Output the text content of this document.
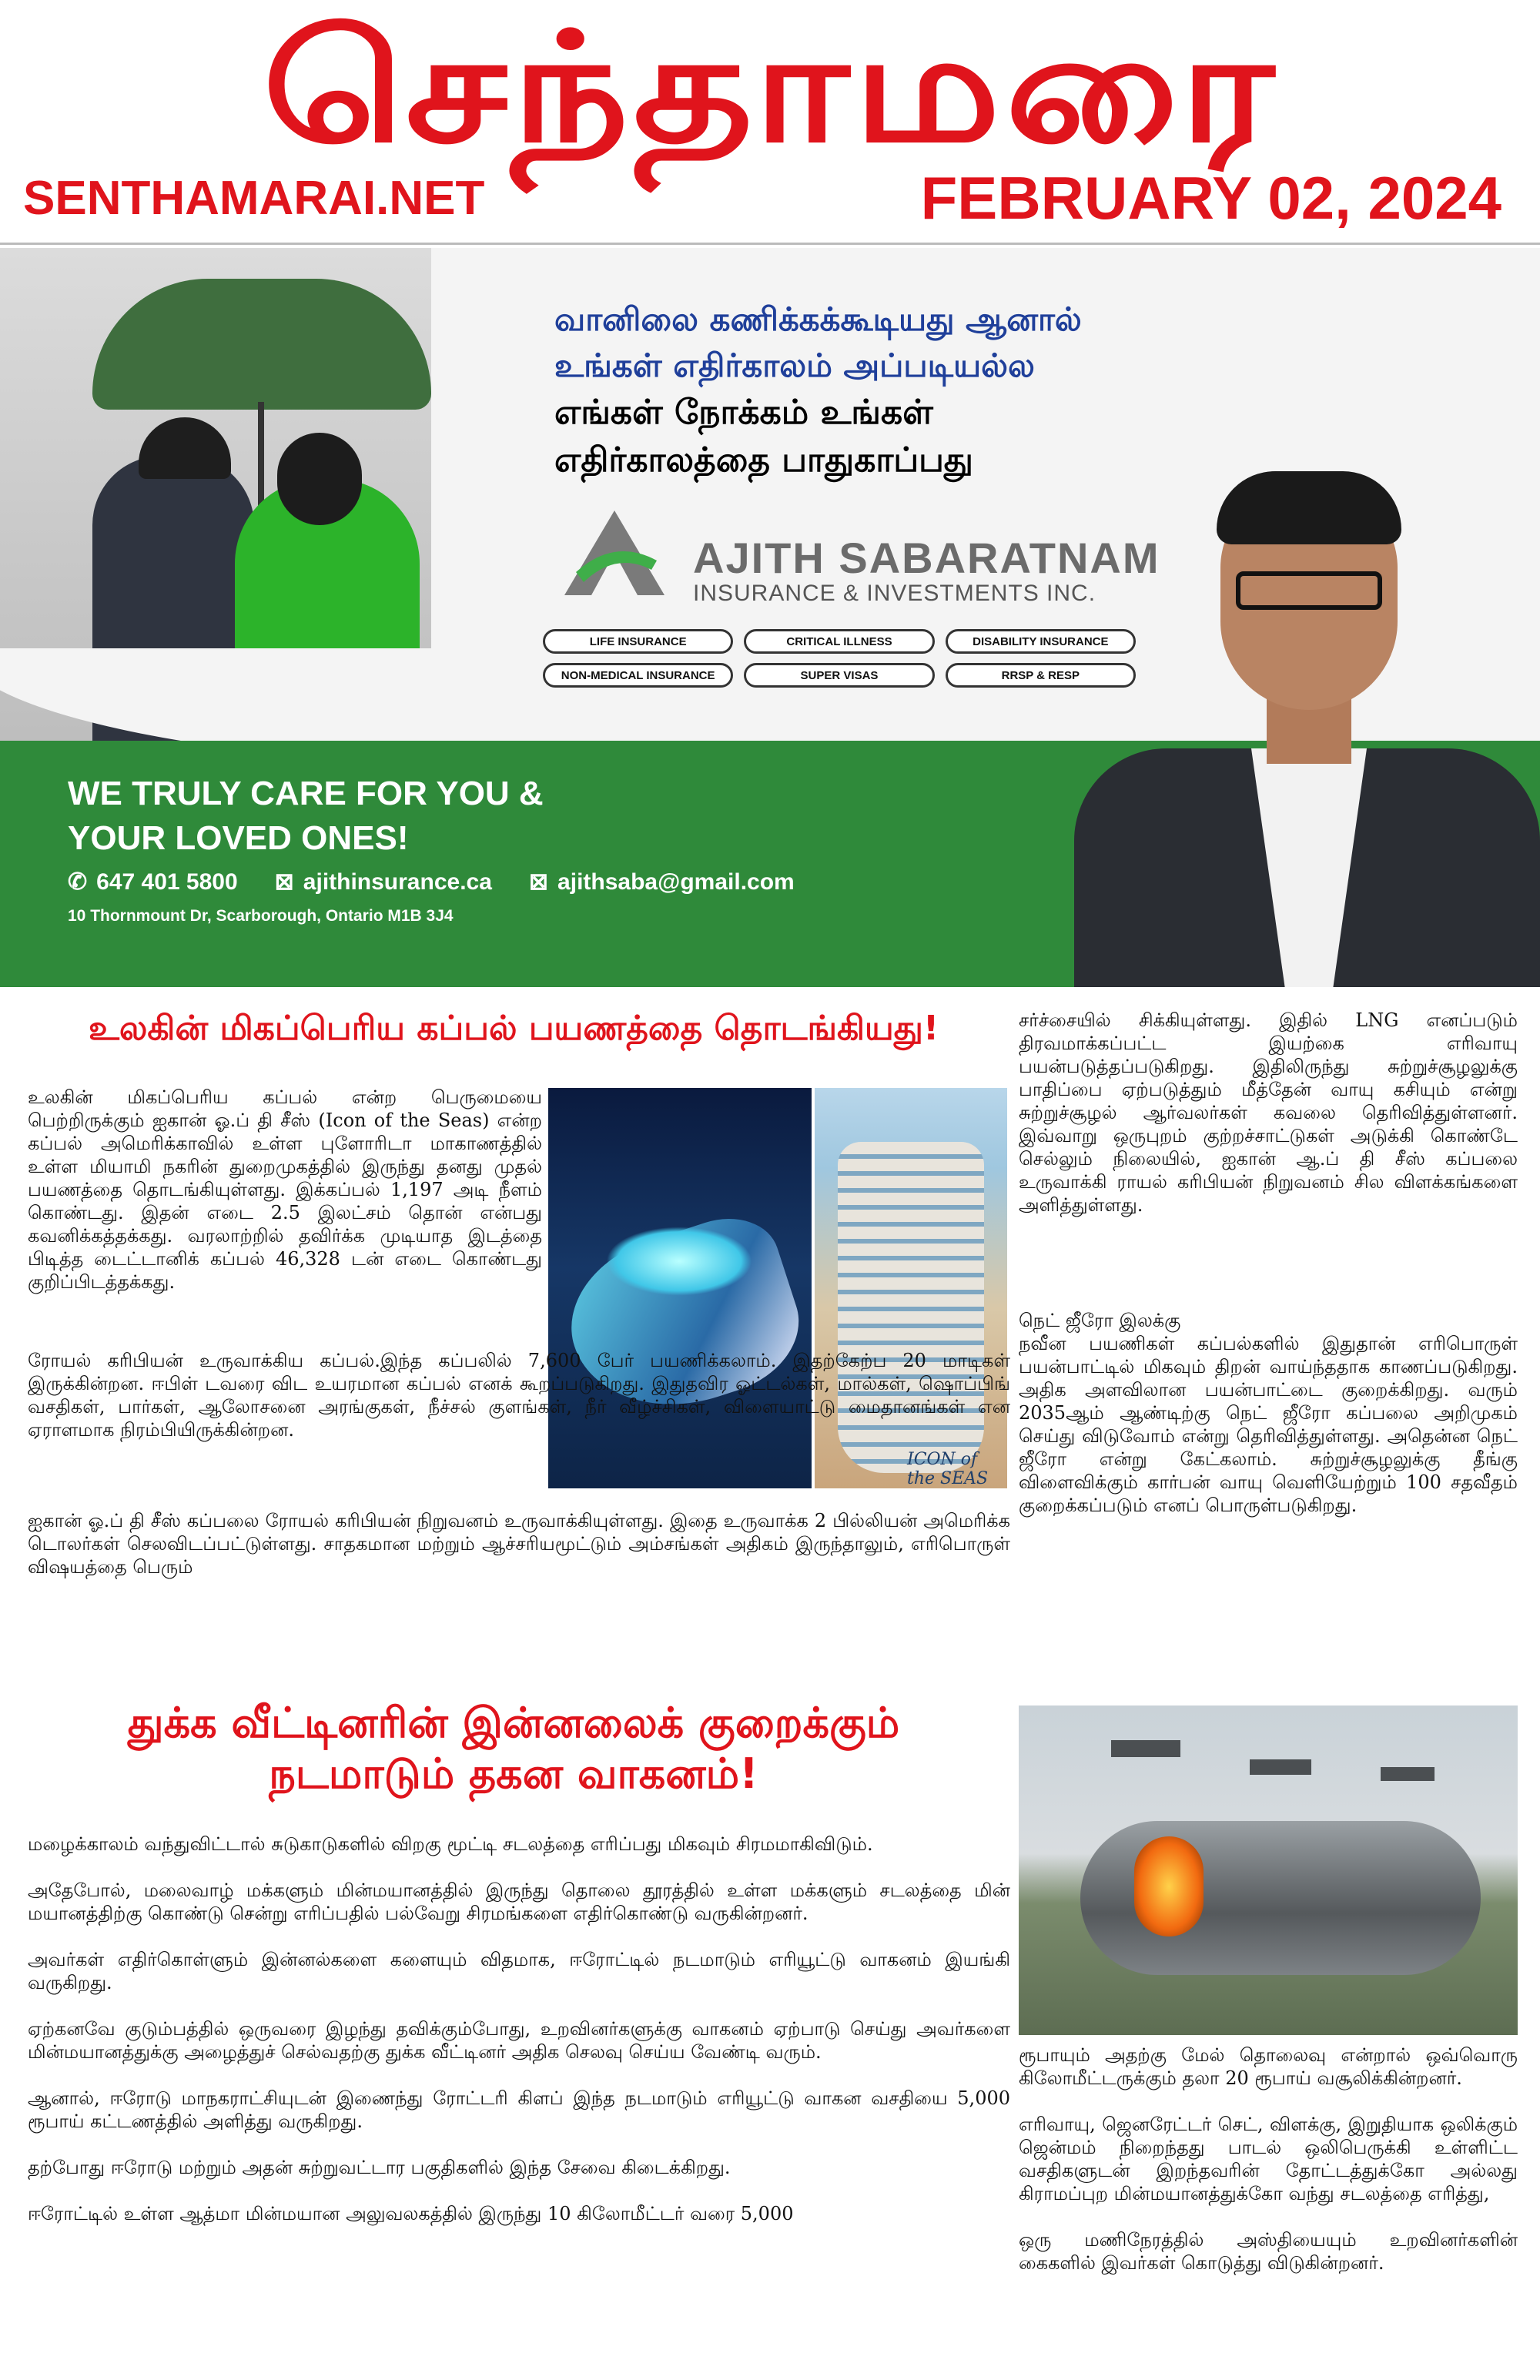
செந்தாமரை
SENTHAMARAI.NET	FEBRUARY 02, 2024
வானிலை கணிக்கக்கூடியது ஆனால்
உங்கள் எதிர்காலம் அப்படியல்ல
எங்கள் நோக்கம் உங்கள்
எதிர்காலத்தை பாதுகாப்பது
AJITH SABARATNAM
INSURANCE & INVESTMENTS INC.
LIFE INSURANCE	CRITICAL ILLNESS	DISABILITY INSURANCE
NON-MEDICAL INSURANCE	SUPER VISAS	RRSP & RESP
WE TRULY CARE FOR YOU &
YOUR LOVED ONES!
✆ 647 401 5800 ⊠ ajithinsurance.ca ⊠ ajithsaba@gmail.com
10 Thornmount Dr, Scarborough, Ontario M1B 3J4
உலகின் மிகப்பெரிய கப்பல் பயணத்தை தொடங்கியது!
உலகின் மிகப்பெரிய கப்பல் என்ற பெருமையை பெற்றிருக்கும் ஐகான் ஓ.ப் தி சீஸ் (Icon of the Seas) என்ற கப்பல் அமெரிக்காவில் உள்ள புளோரிடா மாகாணத்தில் உள்ள மியாமி நகரின் துறைமுகத்தில் இருந்து தனது முதல் பயணத்தை தொடங்கியுள்ளது. இக்கப்பல் 1,197 அடி நீளம் கொண்டது. இதன் எடை 2.5 இலட்சம் தொன் என்பது கவனிக்கத்தக்கது. வரலாற்றில் தவிர்க்க முடியாத இடத்தை பிடித்த டைட்டானிக் கப்பல் 46,328 டன் எடை கொண்டது குறிப்பிடத்தக்கது.
ICON of the SEAS
ரோயல் கரிபியன் உருவாக்கிய கப்பல்.இந்த கப்பலில் 7,600 பேர் பயணிக்கலாம். இதற்கேற்ப 20 மாடிகள் இருக்கின்றன. ஈபிள் டவரை விட உயரமான கப்பல் எனக் கூறப்படுகிறது. இதுதவிர ஓட்டல்கள், மால்கள், ஷொப்பிங் வசதிகள், பார்கள், ஆலோசனை அரங்குகள், நீச்சல் குளங்கள், நீர் வீழ்ச்சிகள், விளையாட்டு மைதானங்கள் என ஏராளமாக நிரம்பியிருக்கின்றன.
ஐகான் ஓ.ப் தி சீஸ் கப்பலை ரோயல் கரிபியன் நிறுவனம் உருவாக்கியுள்ளது. இதை உருவாக்க 2 பில்லியன் அமெரிக்க டொலர்கள் செலவிடப்பட்டுள்ளது. சாதகமான மற்றும் ஆச்சரியமூட்டும் அம்சங்கள் அதிகம் இருந்தாலும், எரிபொருள் விஷயத்தை பெரும்
சர்ச்சையில் சிக்கியுள்ளது. இதில் LNG எனப்படும் திரவமாக்கப்பட்ட இயற்கை எரிவாயு பயன்படுத்தப்படுகிறது. இதிலிருந்து சுற்றுச்சூழலுக்கு பாதிப்பை ஏற்படுத்தும் மீத்தேன் வாயு கசியும் என்று சுற்றுச்சூழல் ஆர்வலர்கள் கவலை தெரிவித்துள்ளனர். இவ்வாறு ஒருபுறம் குற்றச்சாட்டுகள் அடுக்கி கொண்டே செல்லும் நிலையில், ஐகான் ஆ.ப் தி சீஸ் கப்பலை உருவாக்கி ராயல் கரிபியன் நிறுவனம் சில விளக்கங்களை அளித்துள்ளது.
நெட் ஜீரோ இலக்கு
நவீன பயணிகள் கப்பல்களில் இதுதான் எரிபொருள் பயன்பாட்டில் மிகவும் திறன் வாய்ந்ததாக காணப்படுகிறது. அதிக அளவிலான பயன்பாட்டை குறைக்கிறது. வரும் 2035ஆம் ஆண்டிற்கு நெட் ஜீரோ கப்பலை அறிமுகம் செய்து விடுவோம் என்று தெரிவித்துள்ளது. அதென்ன நெட் ஜீரோ என்று கேட்கலாம். சுற்றுச்சூழலுக்கு தீங்கு விளைவிக்கும் கார்பன் வாயு வெளியேற்றும் 100 சதவீதம் குறைக்கப்படும் எனப் பொருள்படுகிறது.

ரூபாயும் அதற்கு மேல் தொலைவு என்றால் ஒவ்வொரு கிலோமீட்டருக்கும் தலா 20 ரூபாய் வசூலிக்கின்றனர்.

எரிவாயு, ஜெனரேட்டர் செட், விளக்கு, இறுதியாக ஒலிக்கும் ஜென்மம் நிறைந்தது பாடல் ஒலிபெருக்கி உள்ளிட்ட வசதிகளுடன் இறந்தவரின் தோட்டத்துக்கோ அல்லது கிராமப்புற மின்மயானத்துக்கோ வந்து சடலத்தை எரித்து,

ஒரு மணிநேரத்தில் அஸ்தியையும் உறவினர்களின் கைகளில் இவர்கள் கொடுத்து விடுகின்றனர்.

துக்க வீட்டினரின் இன்னலைக் குறைக்கும்
நடமாடும் தகன வாகனம்!

மழைக்காலம் வந்துவிட்டால் சுடுகாடுகளில் விறகு மூட்டி சடலத்தை எரிப்பது மிகவும் சிரமமாகிவிடும்.

அதேபோல், மலைவாழ் மக்களும் மின்மயானத்தில் இருந்து தொலை தூரத்தில் உள்ள மக்களும் சடலத்தை மின் மயானத்திற்கு கொண்டு சென்று எரிப்பதில் பல்வேறு சிரமங்களை எதிர்கொண்டு வருகின்றனர்.

அவர்கள் எதிர்கொள்ளும் இன்னல்களை களையும் விதமாக, ஈரோட்டில் நடமாடும் எரியூட்டு வாகனம் இயங்கி வருகிறது.

ஏற்கனவே குடும்பத்தில் ஒருவரை இழந்து தவிக்கும்போது, உறவினர்களுக்கு வாகனம் ஏற்பாடு செய்து அவர்களை மின்மயானத்துக்கு அழைத்துச் செல்வதற்கு துக்க வீட்டினர் அதிக செலவு செய்ய வேண்டி வரும்.

ஆனால், ஈரோடு மாநகராட்சியுடன் இணைந்து ரோட்டரி கிளப் இந்த நடமாடும் எரியூட்டு வாகன வசதியை 5,000 ரூபாய் கட்டணத்தில் அளித்து வருகிறது.

தற்போது ஈரோடு மற்றும் அதன் சுற்றுவட்டார பகுதிகளில் இந்த சேவை கிடைக்கிறது.

ஈரோட்டில் உள்ள ஆத்மா மின்மயான அலுவலகத்தில் இருந்து 10 கிலோமீட்டர் வரை 5,000
